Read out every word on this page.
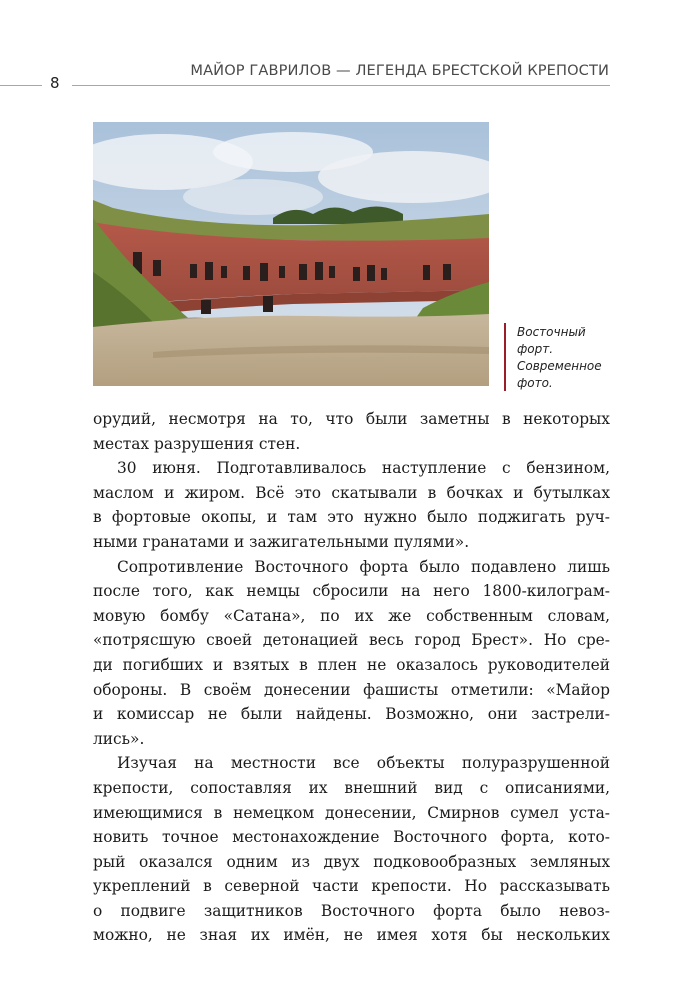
8
МАЙОР ГАВРИЛОВ — ЛЕГЕНДА БРЕСТСКОЙ КРЕПОСТИ
Восточный
форт.
Современное
фото.
орудий, несмотря на то, что были заметны в некоторых
местах разрушения стен.
30 июня. Подготавливалось наступление с бензином,
маслом и жиром. Всё это скатывали в бочках и бутылках
в фортовые окопы, и там это нужно было поджигать руч-
ными гранатами и зажигательными пулями».
Сопротивление Восточного форта было подавлено лишь
после того, как немцы сбросили на него 1800-килограм-
мовую бомбу «Сатана», по их же собственным словам,
«потрясшую своей детонацией весь город Брест». Но сре-
ди погибших и взятых в плен не оказалось руководителей
обороны. В своём донесении фашисты отметили: «Майор
и комиссар не были найдены. Возможно, они застрели-
лись».
Изучая на местности все объекты полуразрушенной
крепости, сопоставляя их внешний вид с описаниями,
имеющимися в немецком донесении, Смирнов сумел уста-
новить точное местонахождение Восточного форта, кото-
рый оказался одним из двух подковообразных земляных
укреплений в северной части крепости. Но рассказывать
о подвиге защитников Восточного форта было невоз-
можно, не зная их имён, не имея хотя бы нескольких
